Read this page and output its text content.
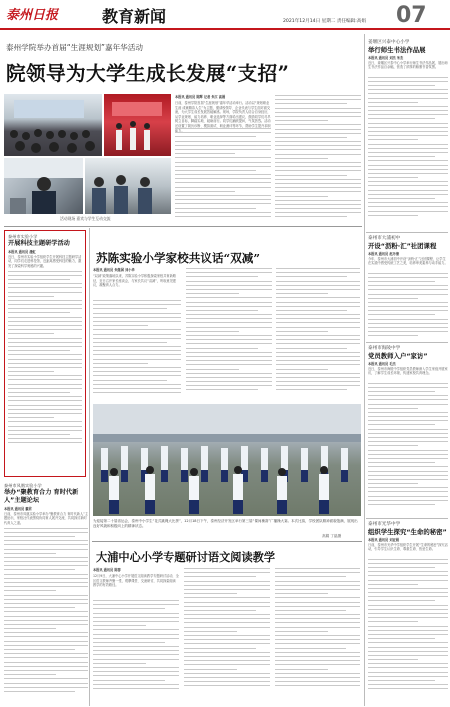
泰州日报	教育新闻	2021年12月14日 星期二 责任编辑:高娟 07
泰州学院举办首届“生涯规划”嘉年华活动
院领导为大学生成长发展“支招”
活动现场 嘉宾与学生互动交流
本报讯 通讯员 陈辉 记者 朱江 高娟
日前，泰州学院首届“生涯规划”嘉年华活动举行。活动以“规划职业生涯 成就精彩人生”为主题，邀请校领导、企业代表与学生面对面交流，为大学生成长发展答疑解惑。现场，学院负责人结合自身经历，从学业规划、能力培养、职业选择等方面给出建议，鼓励同学们尽早树立目标，脚踏实地、砥砺前行。同学们踊跃提问，气氛热烈。活动还设置了简历诊断、模拟面试、职业测评等环节，帮助学生提升求职能力。
姜堰区兴泰中心小学
举行师生书法作品展
本报讯 通讯员 刘杰 朱杰
近日，姜堰区兴泰中心小学举行师生书法作品展，展出师生书法作品百余幅，营造了浓厚的翰墨书香氛围。
泰州市大浦初中
开设“沥粉·汇”社团课程
本报讯 通讯员 赵丹清
今年，泰州市大浦初中开设“沥粉·汇”社团课程，让学生在实践中感受传统工艺之美，培养审美素养与动手能力。
泰州市海陵中学
党员教师入户“家访”
本报讯 通讯员 毛杰
近日，泰州市海陵中学组织党员教师深入学生家庭开展家访，了解学生成长环境，传递家校共育理念。
泰州市光华中学
组织学生探究“生命的秘密”
本报讯 通讯员 刘亚娟
日前，泰州市光华中学组织学生开展“生命的秘密”探究活动，引导学生认识生命、尊重生命、热爱生命。
泰州市实验小学
开展科技主题研学活动
本报讯 通讯员 潘虹
近日，泰州市实验小学组织学生开展科技主题研学活动，同学们走进科技馆，近距离感受科技的魅力，激发了探索科学奥秘的兴趣。
泰州市凤凰实验小学
举办“聚教育合力 育时代新人”主题论坛
本报讯 通讯员 戴君
日前，泰州市凤凰实验小学举办“聚教育合力 育时代新人”主题论坛，家校社代表围绕协同育人展开交流，共同探讨新时代育人之道。
苏陈实验小学家校共议话“双减”
本报讯 通讯员 朱继国 刘小华
“双减”政策落地以来，苏陈实验小学积极探索家校共育新路径，近日召开家长座谈会，与家长共议“双减”，听取意见建议，凝聚育人合力。
为迎接第二十届省运会，泰州中小学生“花式跳绳大比拼”，12月18日下午，泰州经济开发区举行第三届“课间操赛”广播操大赛。本次比赛，学校团队精神面貌饱满，展现出良好风貌和积极向上的精神状态。
高娟 丁晶摄
大浦中心小学专题研讨语文阅读教学
本报讯 通讯员 陈蓉
12月9日，大浦中心小学开展语文阅读教学专题研讨活动，全区语文教师齐聚一堂，观摩课堂、交流研讨，共同探索阅读教学的有效路径。
